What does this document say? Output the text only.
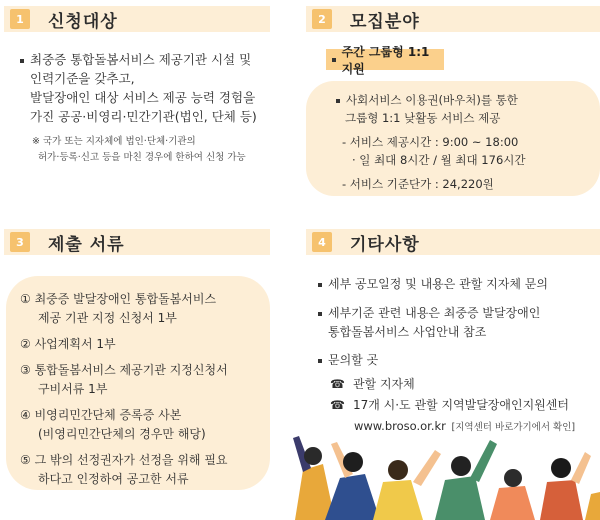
1	신청대상
최중증 통합돌봄서비스 제공기관 시설 및
인력기준을 갖추고,
발달장애인 대상 서비스 제공 능력 경험을
가진 공공·비영리·민간기관(법인, 단체 등)
※ 국가 또는 지자체에 법인·단체·기관의
허가·등록·신고 등을 마친 경우에 한하여 신청 가능
2	모집분야
주간 그룹형 1:1 지원
사회서비스 이용권(바우처)를 통한
그룹형 1:1 낮활동 서비스 제공
- 서비스 제공시간 : 9:00 ~ 18:00
· 일 최대 8시간 / 월 최대 176시간
- 서비스 기준단가 : 24,220원
3	제출 서류
① 최중증 발달장애인 통합돌봄서비스
제공 기관 지정 신청서 1부
② 사업계획서 1부
③ 통합돌봄서비스 제공기관 지정신청서
구비서류 1부
④ 비영리민간단체 증록증 사본
(비영리민간단체의 경우만 해당)
⑤ 그 밖의 선정권자가 선정을 위해 필요
하다고 인정하여 공고한 서류
4	기타사항
세부 공모일정 및 내용은 관할 지자체 문의
세부기준 관련 내용은 최중증 발달장애인
통합돌봄서비스 사업안내 참조
문의할 곳
☎ 관할 지자체
☎ 17개 시·도 관할 지역발달장애인지원센터
www.broso.or.kr [지역센터 바로가기에서 확인]
